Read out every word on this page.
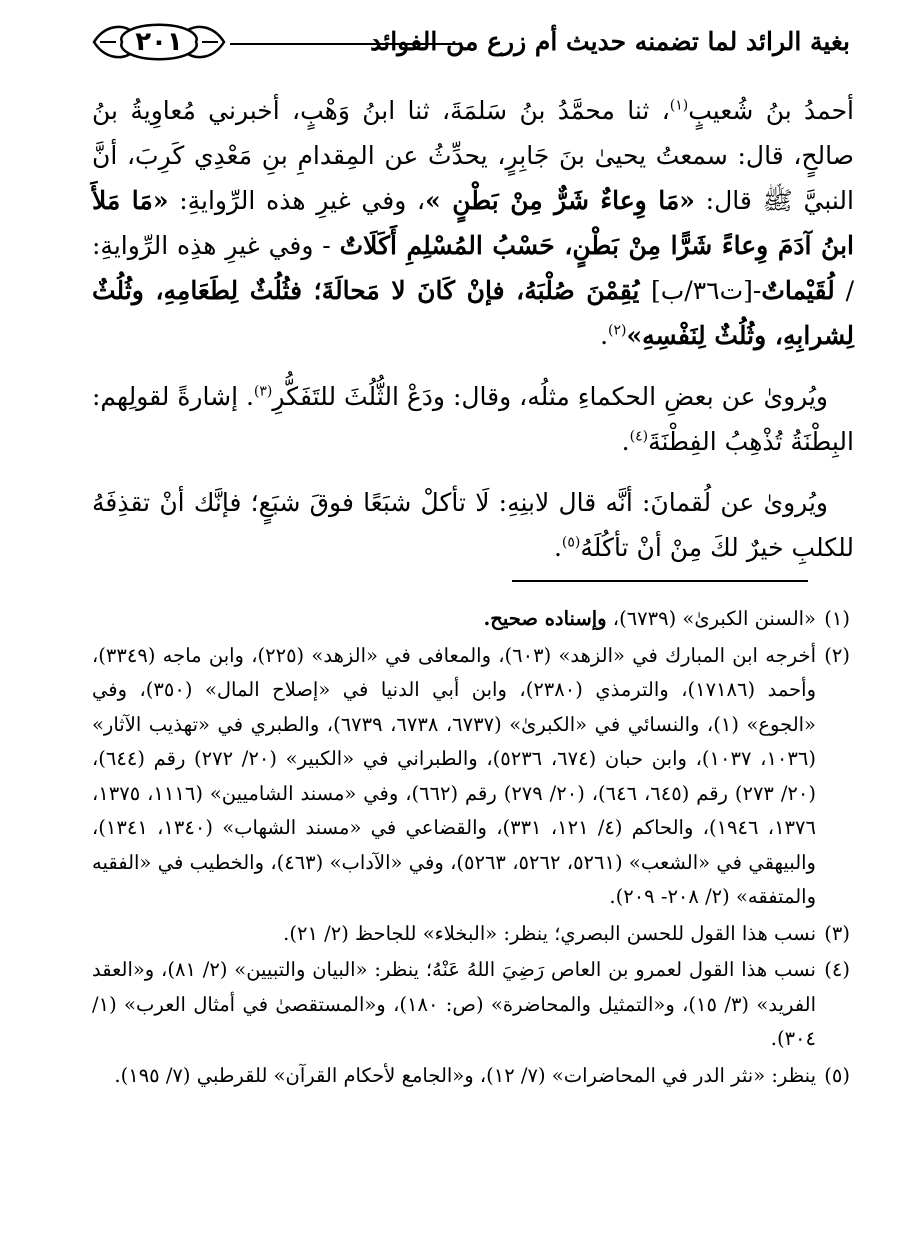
٢٠١	بغية الرائد لما تضمنه حديث أم زرع من الفوائد

أحمدُ بنُ شُعيبٍ$^{(١)}$، ثنا محمَّدُ بنُ سَلمَةَ، ثنا ابنُ وَهْبٍ، أخبرني مُعاوِيةُ بنُ صالحٍ، قال: سمعتُ يحيىٰ بنَ جَابِرٍ، يحدِّثُ عن المِقدامِ بنِ مَعْدِي كَرِبَ، أنَّ النبيَّ ﷺ قال: «مَا وِعاءٌ شَرٌّ مِنْ بَطْنٍ »، وفي غيرِ هذه الرِّوايةِ: «مَا مَلأَ ابنُ آدَمَ وِعاءً شَرًّا مِنْ بَطْنٍ، حَسْبُ المُسْلِمِ أَكَلَاتٌ - وفي غيرِ هذِه الرِّوايةِ: / لُقَيْماتٌ-[ت٣٦/ب] يُقِمْنَ صُلْبَهُ، فإنْ كَانَ لا مَحالَةَ؛ فثُلُثٌ لِطَعَامِهِ، وثُلُثٌ لِشرابِهِ، وثُلُثٌ لِنَفْسِهِ»$^{(٢)}$.

ويُروىٰ عن بعضِ الحكماءِ مثلُه، وقال: ودَعْ الثُّلُثَ للتَفَكُّرِ$^{(٣)}$. إشارةً لقولِهم: البِطْنَةُ تُذْهِبُ الفِطْنَةَ$^{(٤)}$.

ويُروىٰ عن لُقمانَ: أنَّه قال لابنِهِ: لَا تأكلْ شبَعًا فوقَ شبَعٍ؛ فإنَّك أنْ تقذِفَهُ للكلبِ خيرٌ لكَ مِنْ أنْ تأكُلَهُ$^{(٥)}$.

(١)«السنن الكبرىٰ» (٦٧٣٩)، وإسناده صحيح.
(٢)أخرجه ابن المبارك في «الزهد» (٦٠٣)، والمعافى في «الزهد» (٢٢٥)، وابن ماجه (٣٣٤٩)، وأحمد (١٧١٨٦)، والترمذي (٢٣٨٠)، وابن أبي الدنيا في «إصلاح المال» (٣٥٠)، وفي «الجوع» (١)، والنسائي في «الكبرىٰ» (٦٧٣٧، ٦٧٣٨، ٦٧٣٩)، والطبري في «تهذيب الآثار» (١٠٣٦، ١٠٣٧)، وابن حبان (٦٧٤، ٥٢٣٦)، والطبراني في «الكبير» (٢٠/ ٢٧٢) رقم (٦٤٤)، (٢٠/ ٢٧٣) رقم (٦٤٥، ٦٤٦)، (٢٠/ ٢٧٩) رقم (٦٦٢)، وفي «مسند الشاميين» (١١١٦، ١٣٧٥، ١٣٧٦، ١٩٤٦)، والحاكم (٤/ ١٢١، ٣٣١)، والقضاعي في «مسند الشهاب» (١٣٤٠، ١٣٤١)، والبيهقي في «الشعب» (٥٢٦١، ٥٢٦٢، ٥٢٦٣)، وفي «الآداب» (٤٦٣)، والخطيب في «الفقيه والمتفقه» (٢/ ٢٠٨- ٢٠٩).
(٣)نسب هذا القول للحسن البصري؛ ينظر: «البخلاء» للجاحظ (٢/ ٢١).
(٤)نسب هذا القول لعمرو بن العاص رَضِيَ اللهُ عَنْهُ؛ ينظر: «البيان والتبيين» (٢/ ٨١)، و«العقد الفريد» (٣/ ١٥)، و«التمثيل والمحاضرة» (ص: ١٨٠)، و«المستقصىٰ في أمثال العرب» (١/ ٣٠٤).
(٥)ينظر: «نثر الدر في المحاضرات» (٧/ ١٢)، و«الجامع لأحكام القرآن» للقرطبي (٧/ ١٩٥).
